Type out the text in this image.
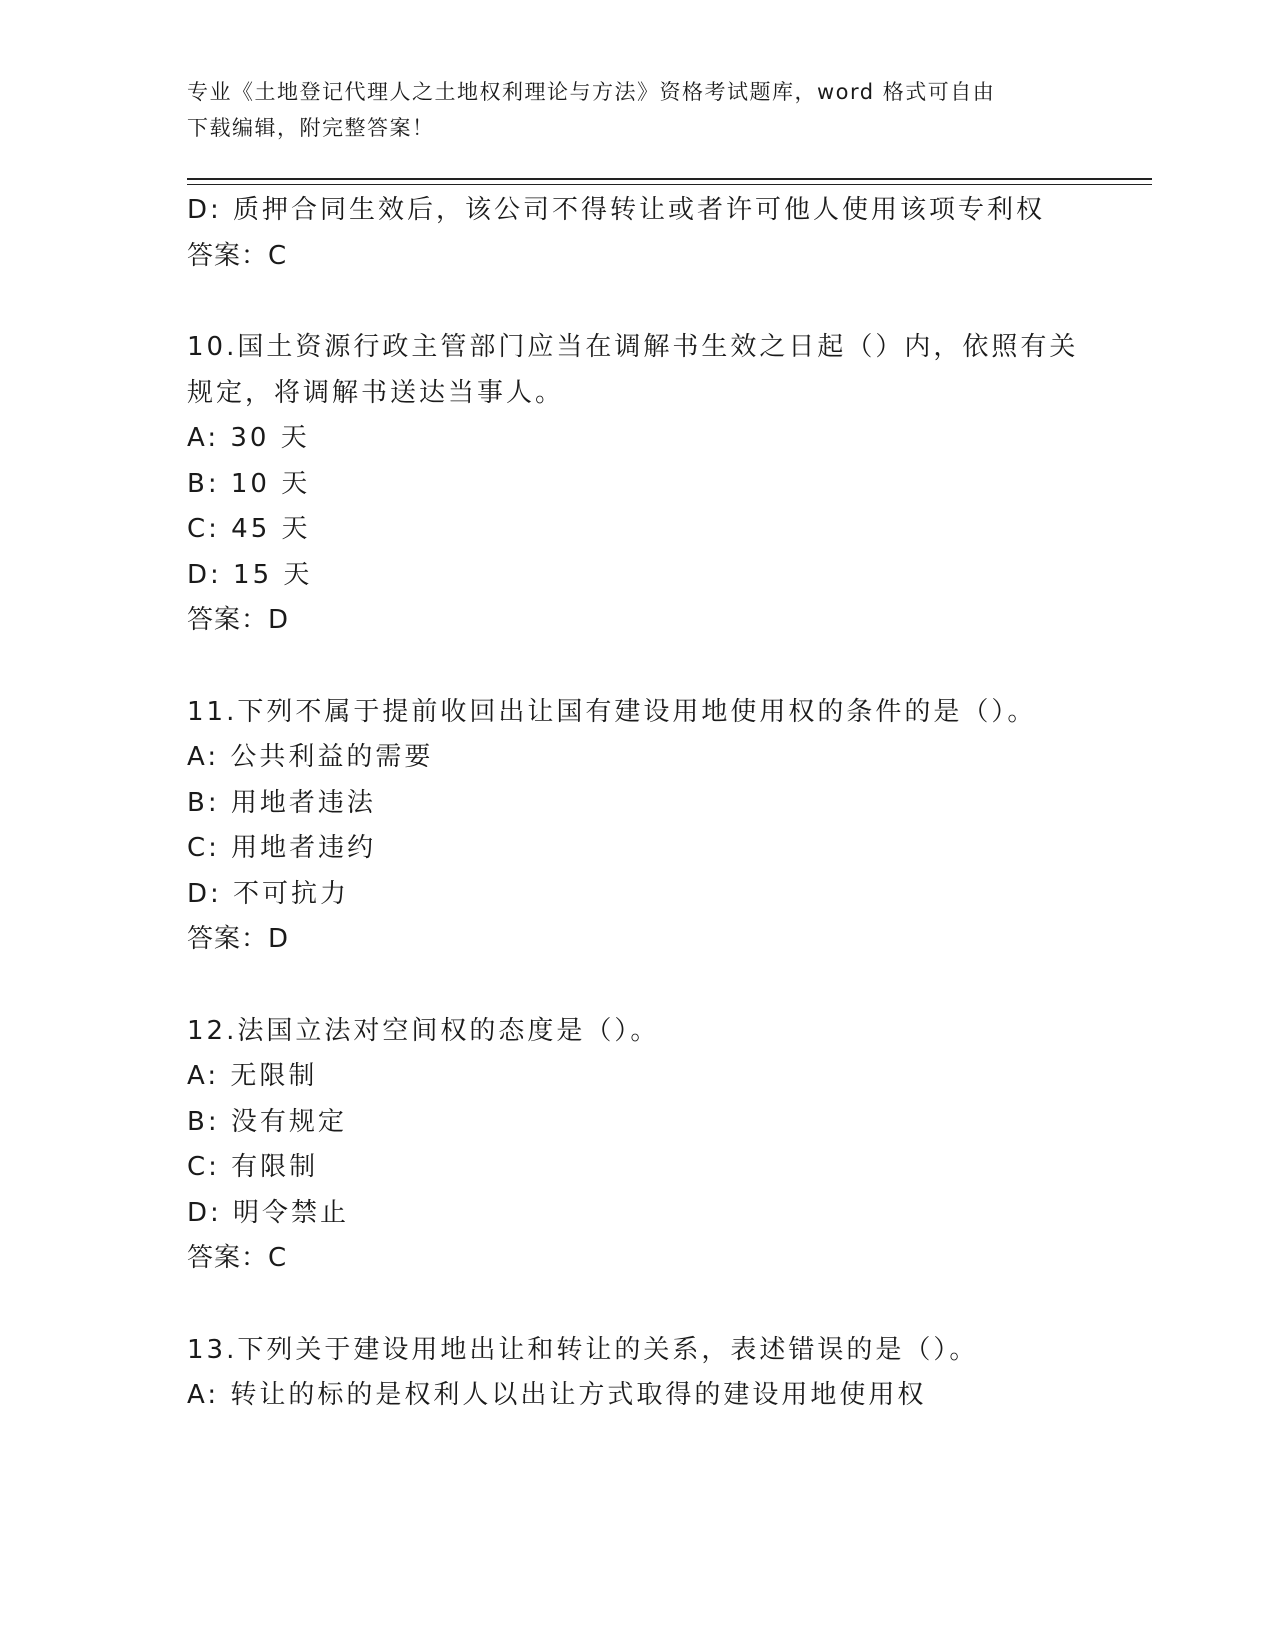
专业《土地登记代理人之土地权利理论与方法》资格考试题库，word 格式可自由
下载编辑，附完整答案！
D: 质押合同生效后，该公司不得转让或者许可他人使用该项专利权
答案：C
10.国土资源行政主管部门应当在调解书生效之日起（）内，依照有关
规定，将调解书送达当事人。
A: 30 天
B: 10 天
C: 45 天
D: 15 天
答案：D
11.下列不属于提前收回出让国有建设用地使用权的条件的是（）。
A: 公共利益的需要
B: 用地者违法
C: 用地者违约
D: 不可抗力
答案：D
12.法国立法对空间权的态度是（）。
A: 无限制
B: 没有规定
C: 有限制
D: 明令禁止
答案：C
13.下列关于建设用地出让和转让的关系，表述错误的是（）。
A: 转让的标的是权利人以出让方式取得的建设用地使用权
